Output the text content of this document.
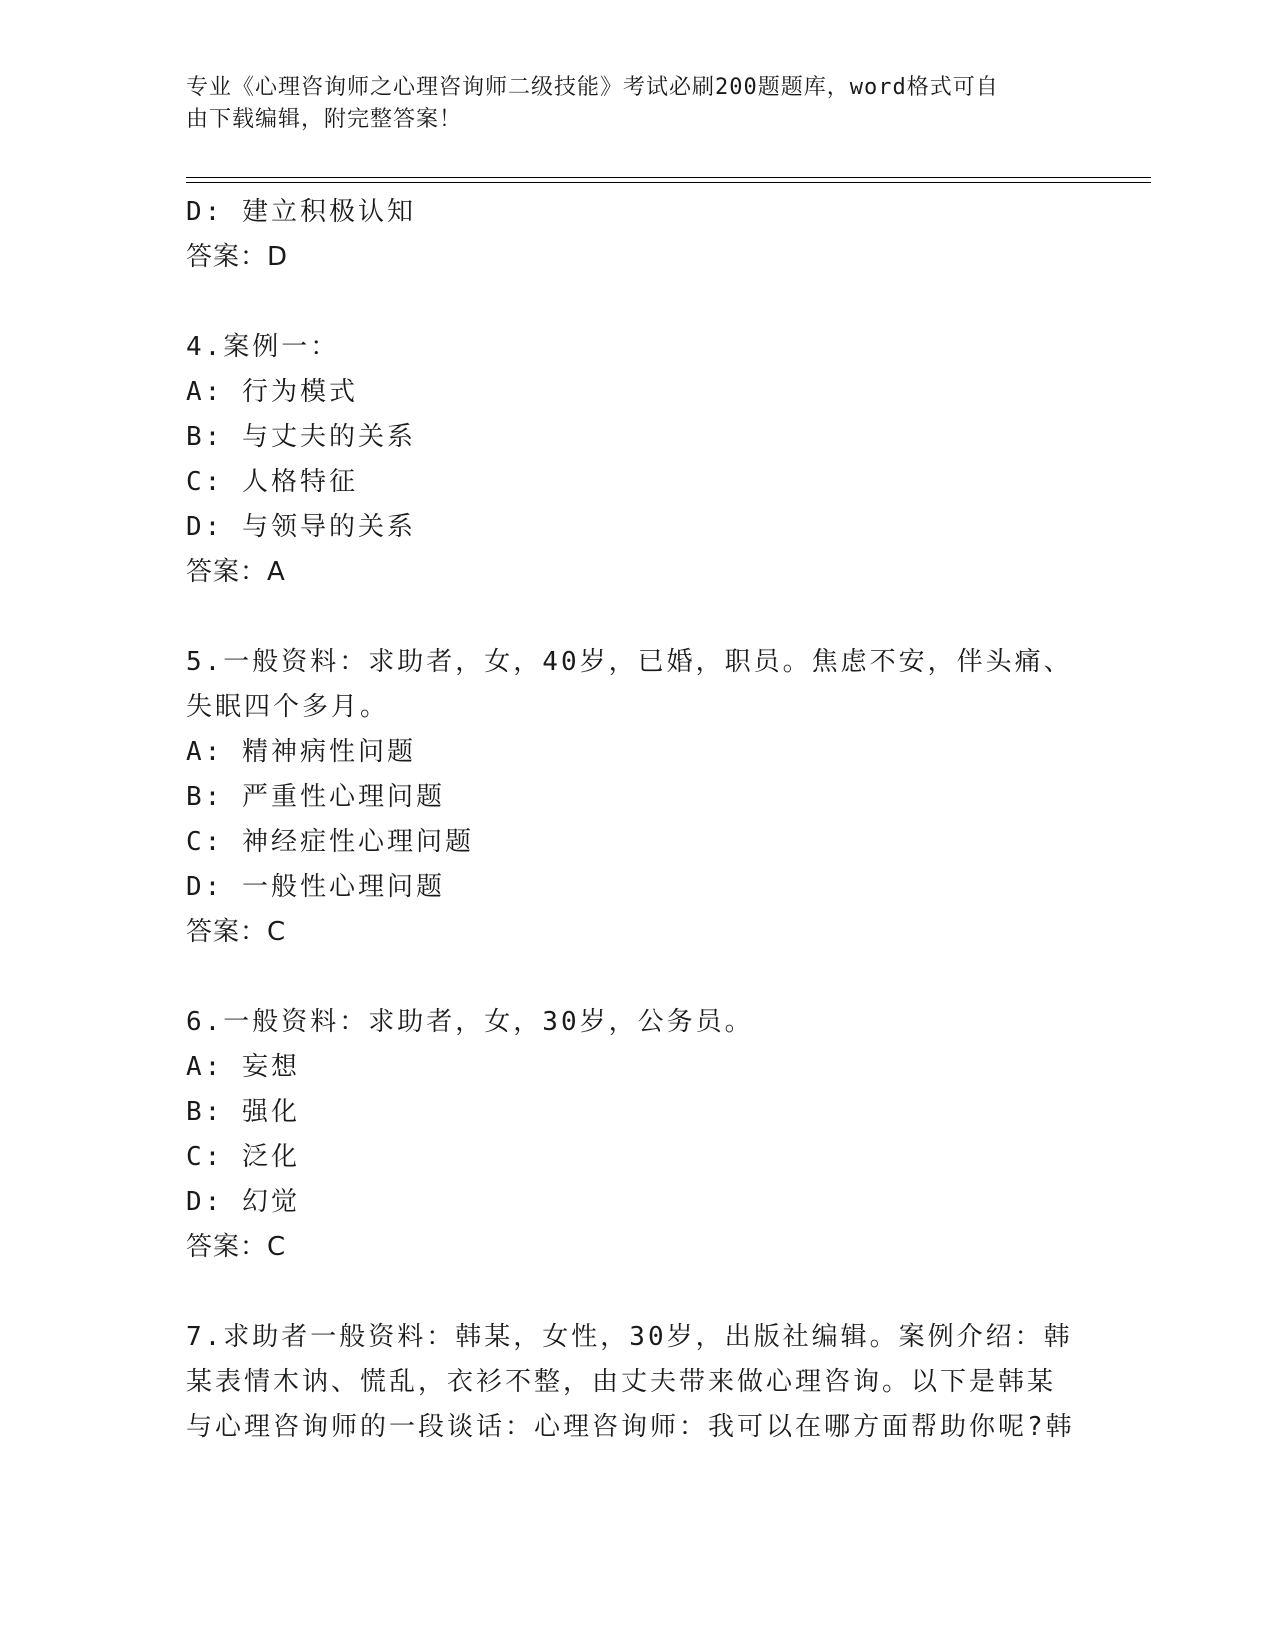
专业《心理咨询师之心理咨询师二级技能》考试必刷200题题库，word格式可自
由下载编辑，附完整答案！
D: 建立积极认知
答案：D
4.案例一：
A: 行为模式
B: 与丈夫的关系
C: 人格特征
D: 与领导的关系
答案：A
5.一般资料：求助者，女，40岁，已婚，职员。焦虑不安，伴头痛、
失眠四个多月。
A: 精神病性问题
B: 严重性心理问题
C: 神经症性心理问题
D: 一般性心理问题
答案：C
6.一般资料：求助者，女，30岁，公务员。
A: 妄想
B: 强化
C: 泛化
D: 幻觉
答案：C
7.求助者一般资料：韩某，女性，30岁，出版社编辑。案例介绍：韩
某表情木讷、慌乱，衣衫不整，由丈夫带来做心理咨询。以下是韩某
与心理咨询师的一段谈话：心理咨询师：我可以在哪方面帮助你呢?韩
